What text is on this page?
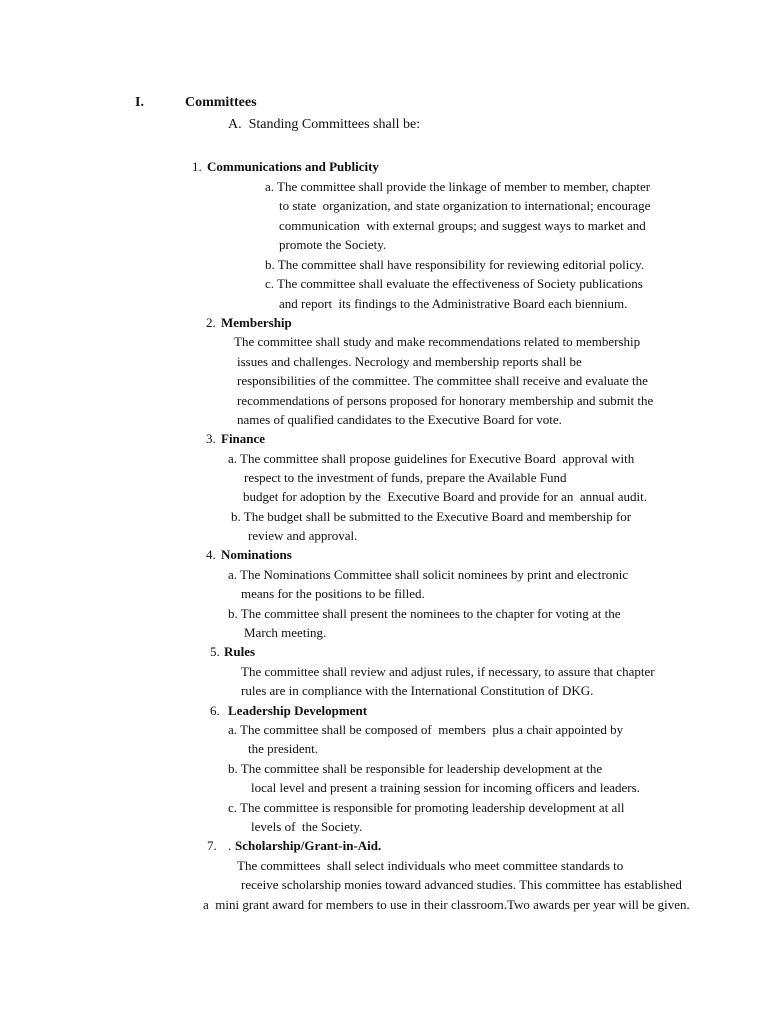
I.	Committees
A.  Standing Committees shall be:
1. Communications and Publicity
a. The committee shall provide the linkage of member to member, chapter
to state  organization, and state organization to international; encourage
communication  with external groups; and suggest ways to market and
promote the Society.
b. The committee shall have responsibility for reviewing editorial policy.
c. The committee shall evaluate the effectiveness of Society publications
and report  its findings to the Administrative Board each biennium.
2. Membership
The committee shall study and make recommendations related to membership
issues and challenges. Necrology and membership reports shall be
responsibilities of the committee. The committee shall receive and evaluate the
recommendations of persons proposed for honorary membership and submit the
names of qualified candidates to the Executive Board for vote.
3. Finance
a. The committee shall propose guidelines for Executive Board  approval with
respect to the investment of funds, prepare the Available Fund
budget for adoption by the  Executive Board and provide for an  annual audit.
b. The budget shall be submitted to the Executive Board and membership for
review and approval.
4. Nominations
a. The Nominations Committee shall solicit nominees by print and electronic
means for the positions to be filled.
b. The committee shall present the nominees to the chapter for voting at the
March meeting.
5. Rules
The committee shall review and adjust rules, if necessary, to assure that chapter
rules are in compliance with the International Constitution of DKG.
6. Leadership Development
a. The committee shall be composed of  members  plus a chair appointed by
the president.
b. The committee shall be responsible for leadership development at the
local level and present a training session for incoming officers and leaders.
c. The committee is responsible for promoting leadership development at all
levels of  the Society.
7. . Scholarship/Grant-in-Aid.
The committees  shall select individuals who meet committee standards to
receive scholarship monies toward advanced studies. This committee has established
a  mini grant award for members to use in their classroom.Two awards per year will be given.
